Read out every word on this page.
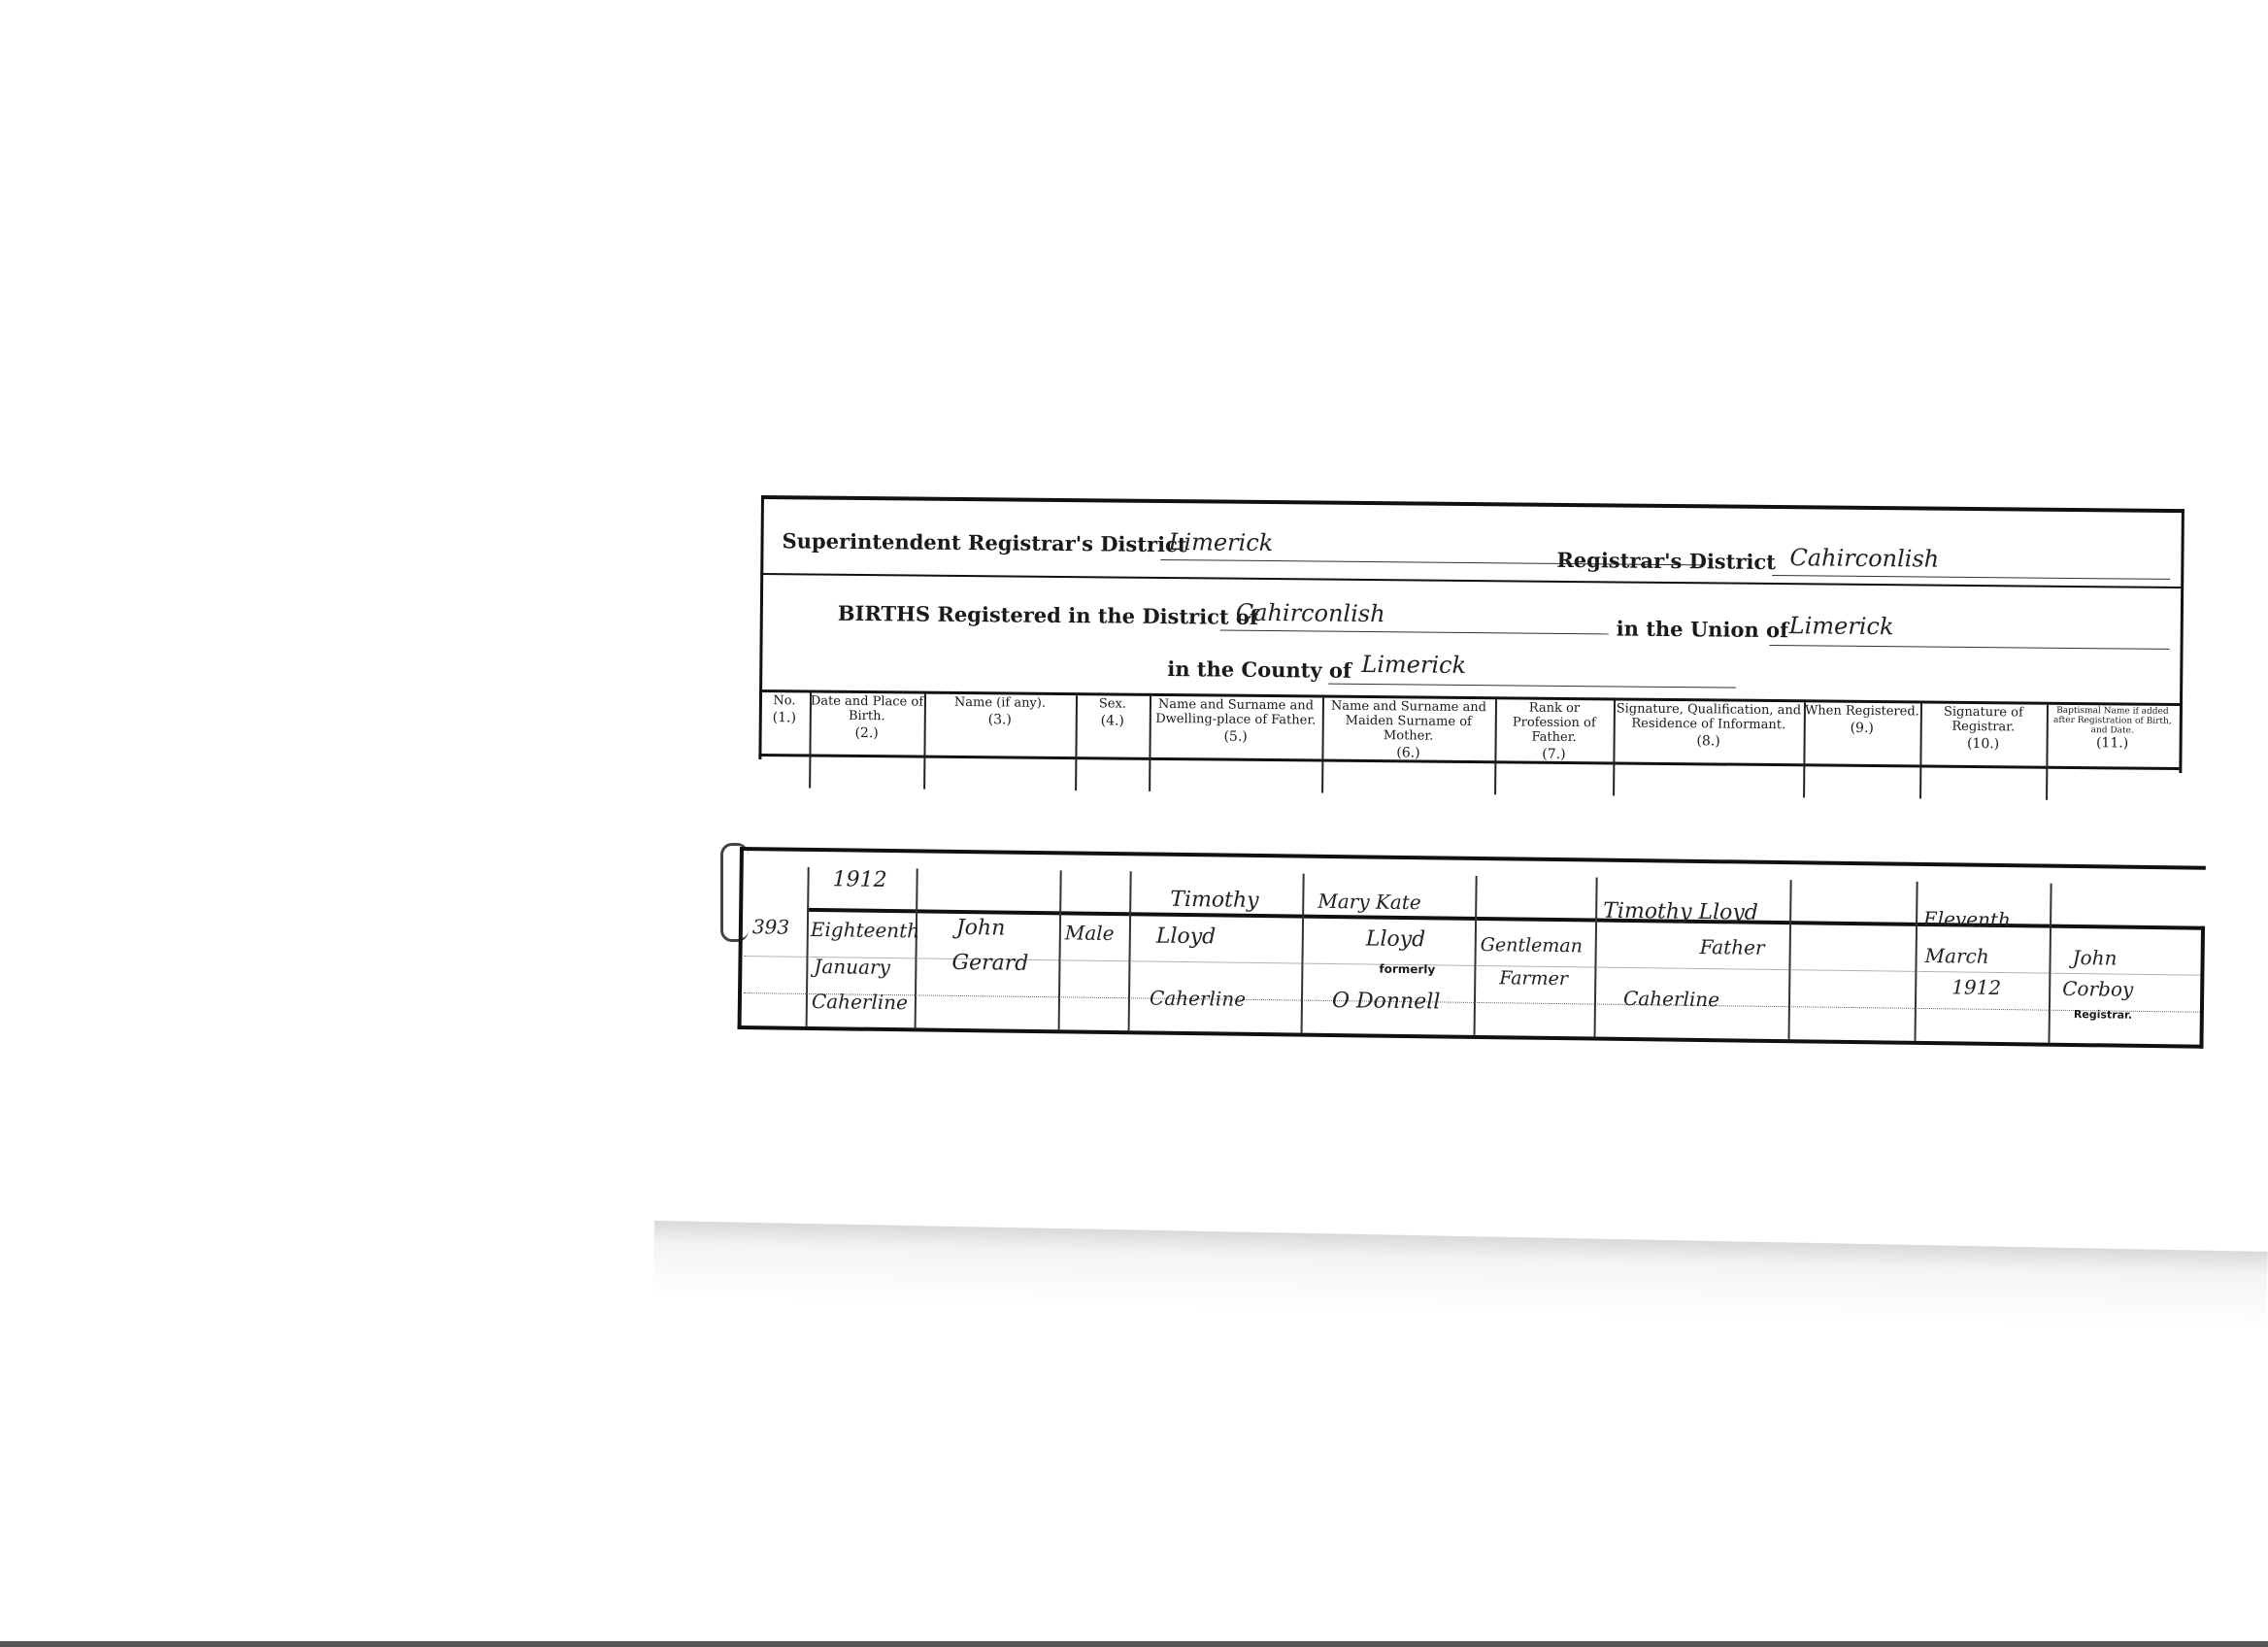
Superintendent Registrar's District
Limerick
Registrar's District Cahirconlish
BIRTHS Registered in the District of
Cahirconlish
in the Union of Limerick
in the County of Limerick
No.
(1.)
Date and Place of Birth.
(2.)
Name (if any).
(3.)
Sex.
(4.)
Name and Surname and Dwelling-place of Father.
(5.)
Name and Surname and Maiden Surname of Mother.
(6.)
Rank or Profession of Father.
(7.)
Signature, Qualification, and Residence of Informant.
(8.)
When Registered.
(9.)
Signature of Registrar.
(10.)
Baptismal Name if added after Registration of Birth, and Date.
(11.)
1912
393 Eighteenth
January
Caherline
John
Gerard
Male
Timothy
Lloyd
Caherline
Mary Kate
Lloyd
formerly
O Donnell
Gentleman
Farmer
Timothy Lloyd
Father
Caherline
Eleventh
March
1912
John
Corboy
Registrar.
